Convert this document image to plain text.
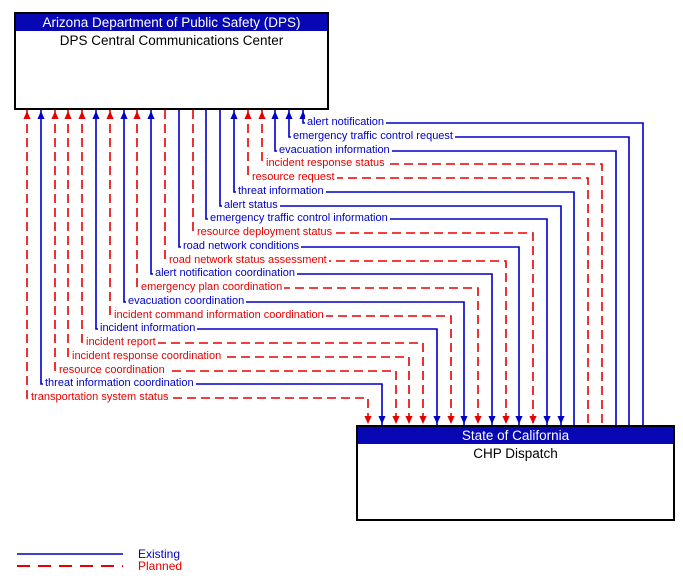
alert notification
emergency traffic control request
evacuation information
incident response status
resource request
threat information
alert status
emergency traffic control information
resource deployment status
road network conditions
road network status assessment
alert notification coordination
emergency plan coordination
evacuation coordination
incident command information coordination
incident information
incident report
incident response coordination
resource coordination
threat information coordination
transportation system status
Arizona Department of Public Safety (DPS)
DPS Central Communications Center
State of California
CHP Dispatch
Existing
Planned
